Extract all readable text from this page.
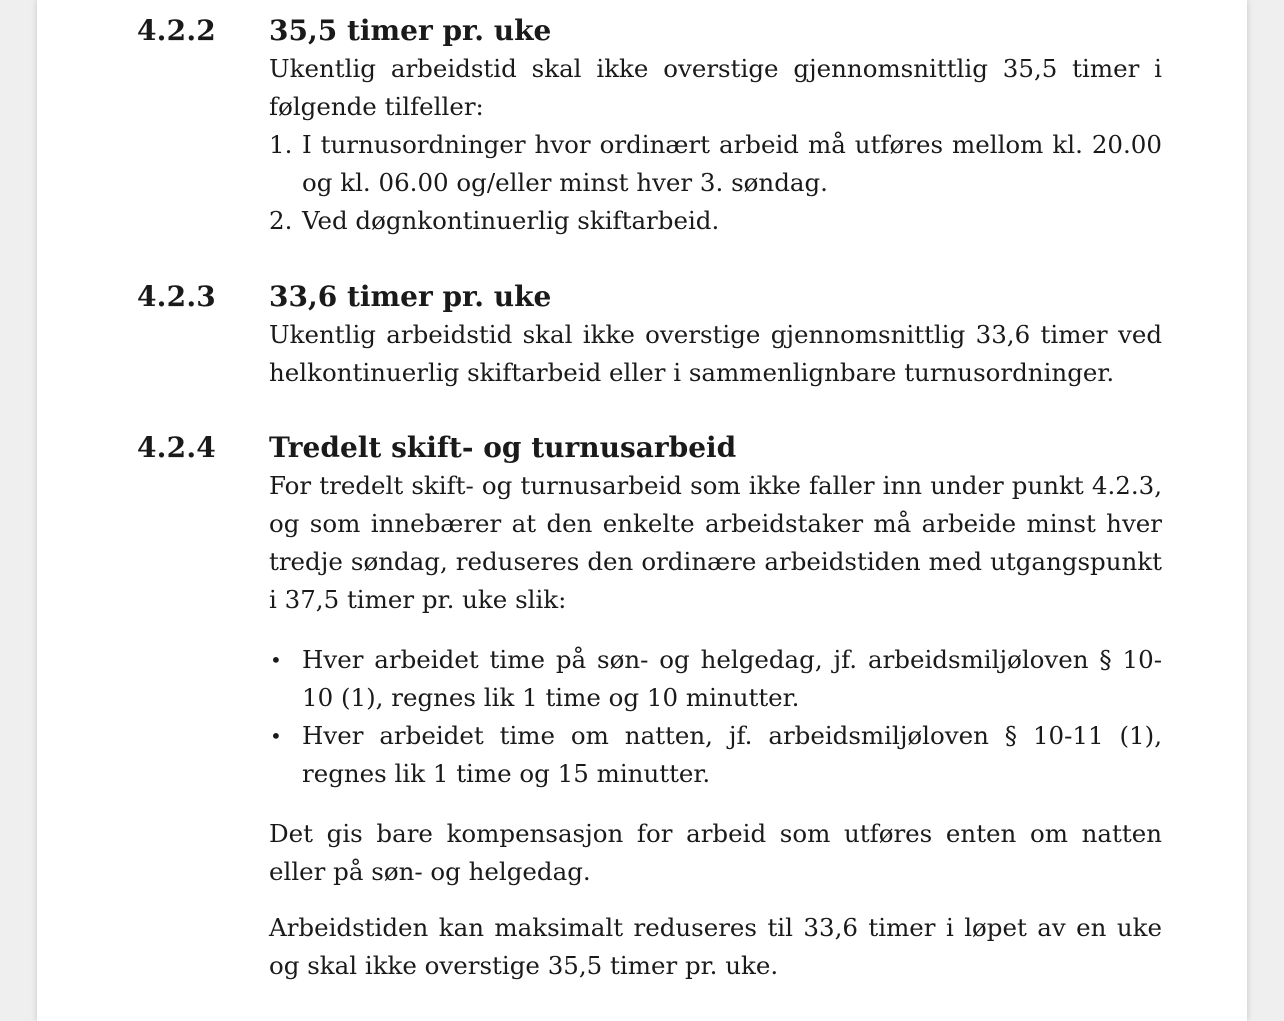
4.2.2 35,5 timer pr. uke

Ukentlig arbeidstid skal ikke overstige gjennomsnittlig 35,5 timer i følgende tilfeller:

1. I turnusordninger hvor ordinært arbeid må utføres mellom kl. 20.00 og kl. 06.00 og/eller minst hver 3. søndag.
2. Ved døgnkontinuerlig skiftarbeid.
4.2.3 33,6 timer pr. uke

Ukentlig arbeidstid skal ikke overstige gjennomsnittlig 33,6 timer ved helkontinuerlig skiftarbeid eller i sammenlignbare turnusordninger.

4.2.4 Tredelt skift- og turnusarbeid

For tredelt skift- og turnusarbeid som ikke faller inn under punkt 4.2.3, og som innebærer at den enkelte arbeidstaker må arbeide minst hver tredje søndag, reduseres den ordinære arbeidstiden med utgangspunkt i 37,5 timer pr. uke slik:

• Hver arbeidet time på søn- og helgedag, jf. arbeidsmiljøloven § 10-10 (1), regnes lik 1 time og 10 minutter.
• Hver arbeidet time om natten, jf. arbeidsmiljøloven § 10-11 (1), regnes lik 1 time og 15 minutter.

Det gis bare kompensasjon for arbeid som utføres enten om natten eller på søn- og helgedag.

Arbeidstiden kan maksimalt reduseres til 33,6 timer i løpet av en uke og skal ikke overstige 35,5 timer pr. uke.
